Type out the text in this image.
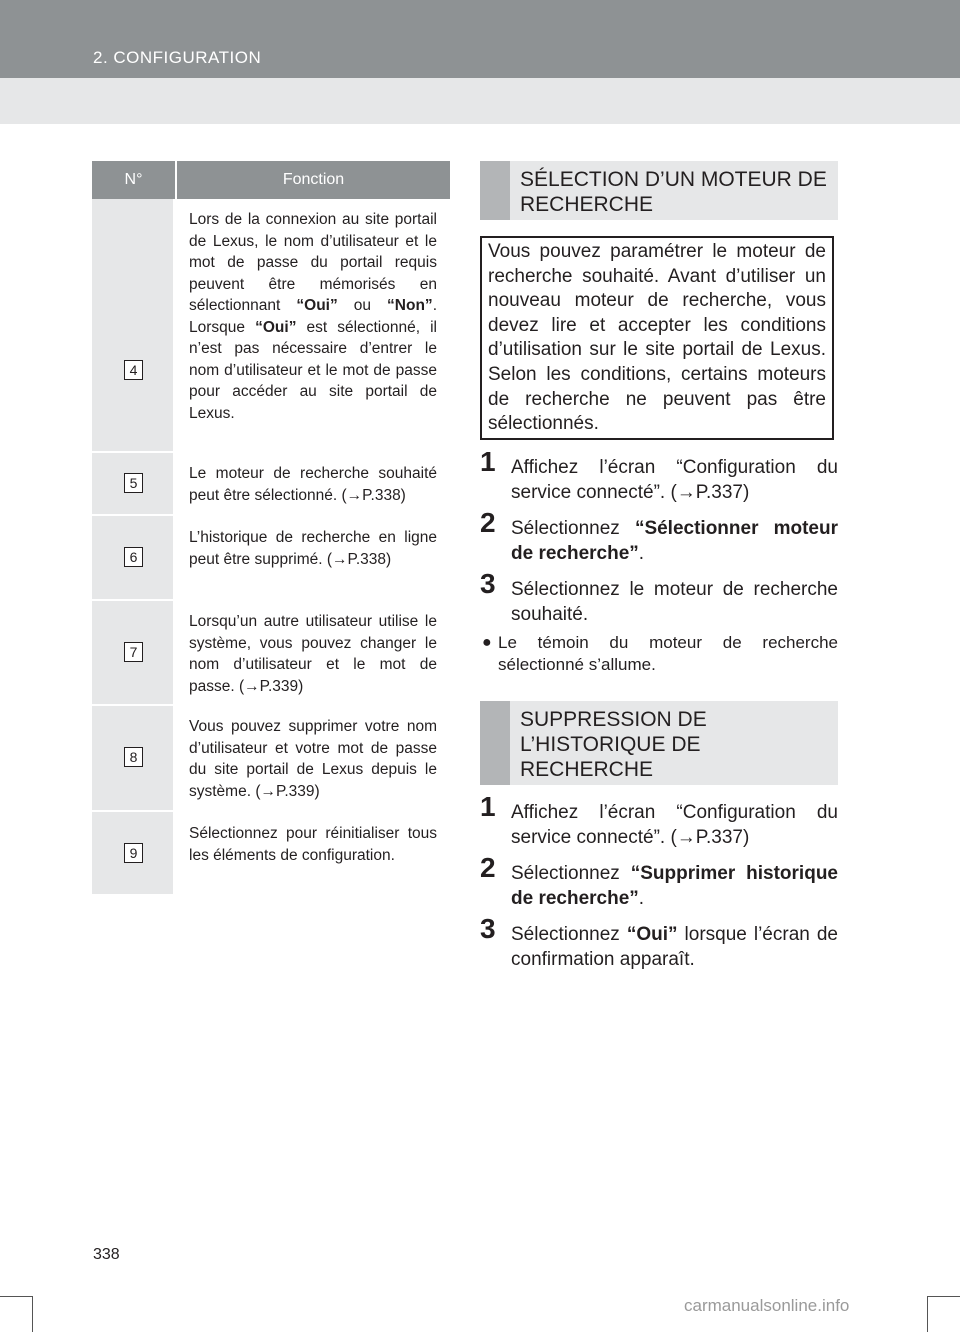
2. CONFIGURATION
N°	Fonction
4
Lors de la connexion au site portail de Lexus, le nom d’utilisateur et le mot de passe du portail requis peuvent être mémorisés en sélectionnant “Oui” ou “Non”. Lorsque “Oui” est sélectionné, il n’est pas nécessaire d’entrer le nom d’utilisateur et le mot de passe pour accéder au site portail de Lexus.
5
Le moteur de recherche souhaité peut être sélectionné. (→P.338)
6
L’historique de recherche en ligne peut être supprimé. (→P.338)
7
Lorsqu’un autre utilisateur utilise le système, vous pouvez changer le nom d’utilisateur et le mot de passe. (→P.339)
8
Vous pouvez supprimer votre nom d’utilisateur et votre mot de passe du site portail de Lexus depuis le système. (→P.339)
9
Sélectionnez pour réinitialiser tous les éléments de configuration.
SÉLECTION D’UN MOTEUR DE RECHERCHE
Vous pouvez paramétrer le moteur de recherche souhaité. Avant d’utiliser un nouveau moteur de recherche, vous devez lire et accepter les conditions d’utilisation sur le site portail de Lexus. Selon les conditions, certains moteurs de recherche ne peuvent pas être sélectionnés.
1 Affichez l’écran “Configuration du service connecté”. (→P.337)
2 Sélectionnez “Sélectionner moteur de recherche”.
3 Sélectionnez le moteur de recherche souhaité.
● Le témoin du moteur de recherche sélectionné s’allume.
SUPPRESSION DE L’HISTORIQUE DE RECHERCHE
1 Affichez l’écran “Configuration du service connecté”. (→P.337)
2 Sélectionnez “Supprimer historique de recherche”.
3 Sélectionnez “Oui” lorsque l’écran de confirmation apparaît.
338
carmanualsonline.info
